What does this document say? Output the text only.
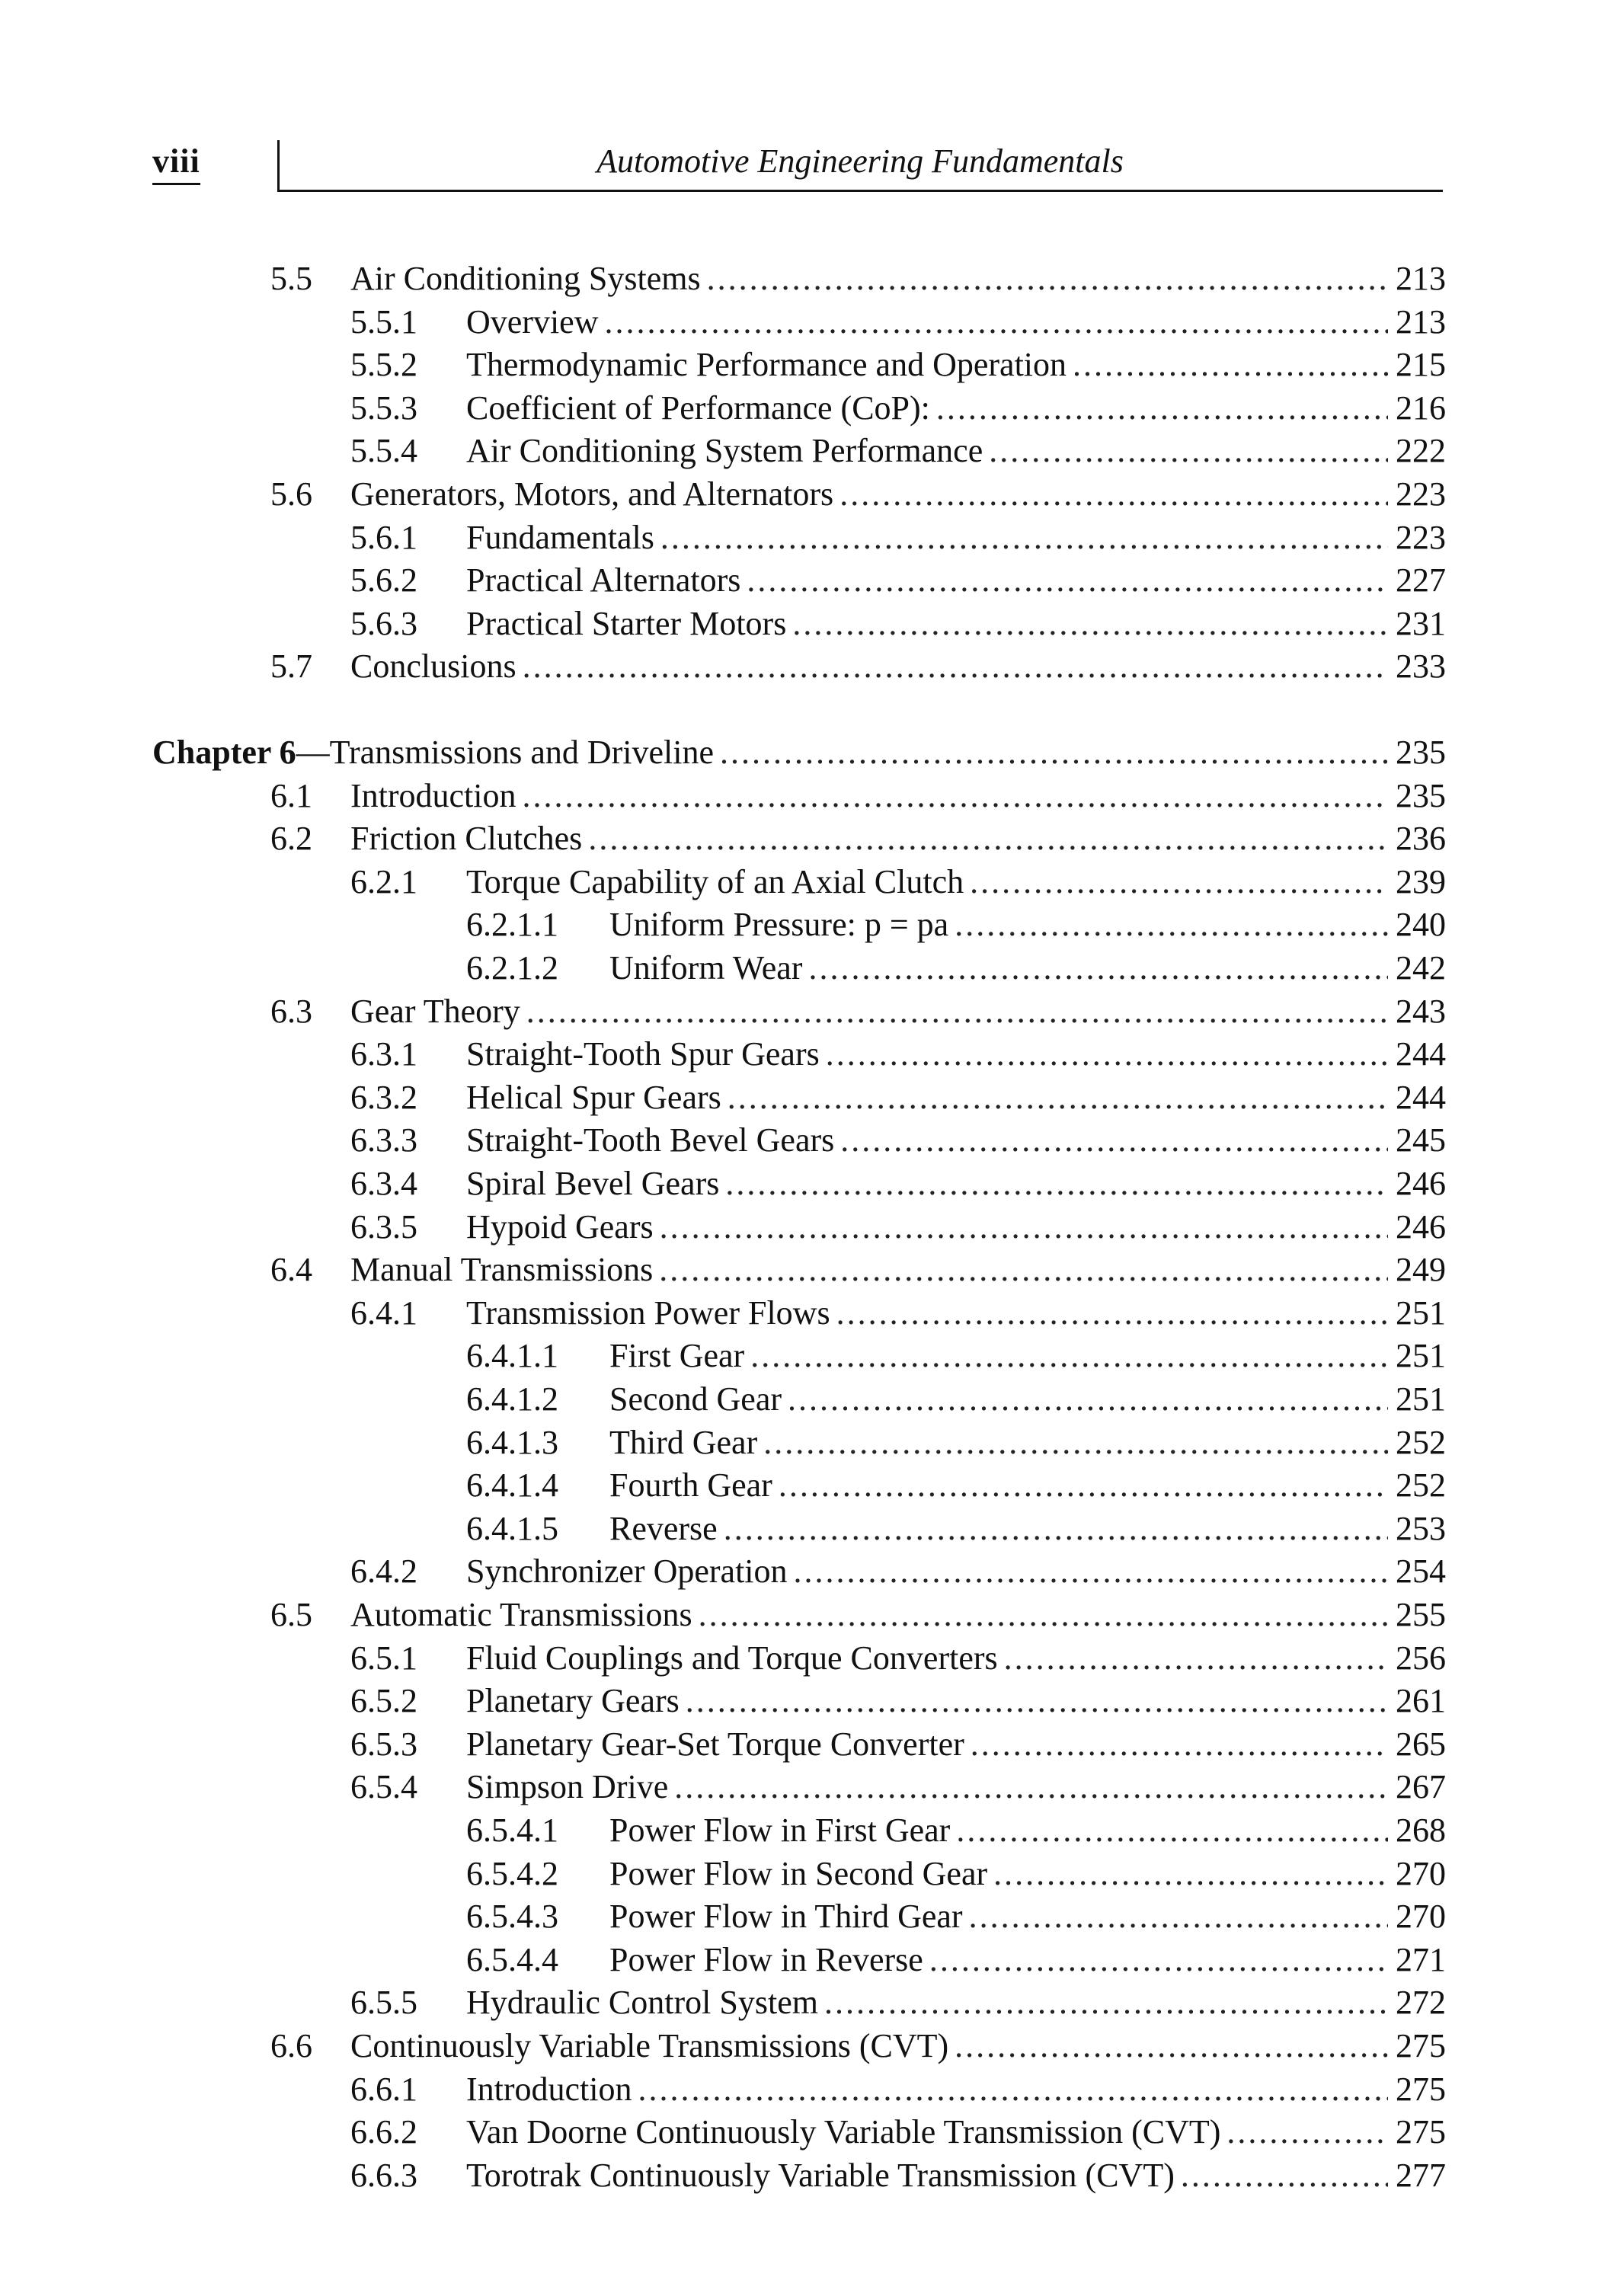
viii	Automotive Engineering Fundamentals
5.5 Air Conditioning Systems . . .	213
5.5.1 Overview . . .	213
5.5.2 Thermodynamic Performance and Operation . . .	215
5.5.3 Coefficient of Performance (CoP): . . .	216
5.5.4 Air Conditioning System Performance . . .	222
5.6 Generators, Motors, and Alternators . . .	223
5.6.1 Fundamentals . . .	223
5.6.2 Practical Alternators . . .	227
5.6.3 Practical Starter Motors . . .	231
5.7 Conclusions . . .	233
Chapter 6—Transmissions and Driveline . . .	235
6.1 Introduction . . .	235
6.2 Friction Clutches . . .	236
6.2.1 Torque Capability of an Axial Clutch . . .	239
6.2.1.1 Uniform Pressure: p = pa . . .	240
6.2.1.2 Uniform Wear . . .	242
6.3 Gear Theory . . .	243
6.3.1 Straight-Tooth Spur Gears . . .	244
6.3.2 Helical Spur Gears . . .	244
6.3.3 Straight-Tooth Bevel Gears . . .	245
6.3.4 Spiral Bevel Gears . . .	246
6.3.5 Hypoid Gears . . .	246
6.4 Manual Transmissions . . .	249
6.4.1 Transmission Power Flows . . .	251
6.4.1.1 First Gear . . .	251
6.4.1.2 Second Gear . . .	251
6.4.1.3 Third Gear . . .	252
6.4.1.4 Fourth Gear . . .	252
6.4.1.5 Reverse . . .	253
6.4.2 Synchronizer Operation . . .	254
6.5 Automatic Transmissions . . .	255
6.5.1 Fluid Couplings and Torque Converters . . .	256
6.5.2 Planetary Gears . . .	261
6.5.3 Planetary Gear-Set Torque Converter . . .	265
6.5.4 Simpson Drive . . .	267
6.5.4.1 Power Flow in First Gear . . .	268
6.5.4.2 Power Flow in Second Gear . . .	270
6.5.4.3 Power Flow in Third Gear . . .	270
6.5.4.4 Power Flow in Reverse . . .	271
6.5.5 Hydraulic Control System . . .	272
6.6 Continuously Variable Transmissions (CVT) . . .	275
6.6.1 Introduction . . .	275
6.6.2 Van Doorne Continuously Variable Transmission (CVT) . . .	275
6.6.3 Torotrak Continuously Variable Transmission (CVT) . . .	277
